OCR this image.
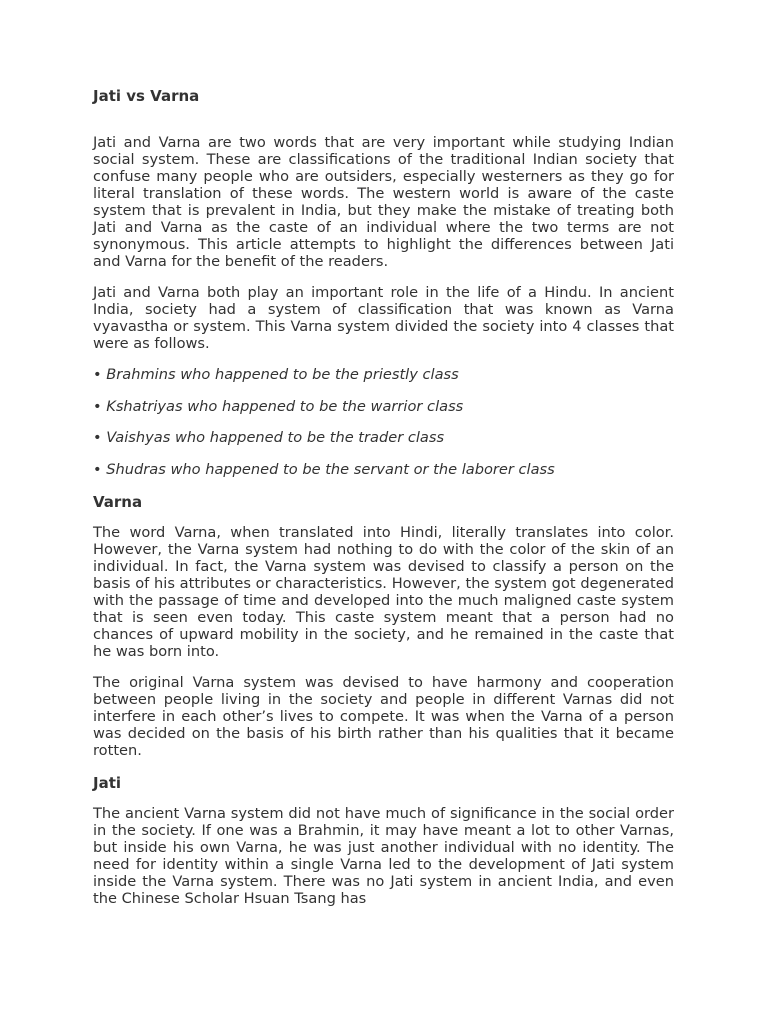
Jati vs Varna

Jati and Varna are two words that are very important while studying Indian social system. These are classifications of the traditional Indian society that confuse many people who are outsiders, especially westerners as they go for literal translation of these words. The western world is aware of the caste system that is prevalent in India, but they make the mistake of treating both Jati and Varna as the caste of an individual where the two terms are not synonymous. This article attempts to highlight the differences between Jati and Varna for the benefit of the readers.

Jati and Varna both play an important role in the life of a Hindu. In ancient India, society had a system of classification that was known as Varna vyavastha or system. This Varna system divided the society into 4 classes that were as follows.

• Brahmins who happened to be the priestly class
• Kshatriyas who happened to be the warrior class
• Vaishyas who happened to be the trader class
• Shudras who happened to be the servant or the laborer class
Varna

The word Varna, when translated into Hindi, literally translates into color. However, the Varna system had nothing to do with the color of the skin of an individual. In fact, the Varna system was devised to classify a person on the basis of his attributes or characteristics. However, the system got degenerated with the passage of time and developed into the much maligned caste system that is seen even today. This caste system meant that a person had no chances of upward mobility in the society, and he remained in the caste that he was born into.

The original Varna system was devised to have harmony and cooperation between people living in the society and people in different Varnas did not interfere in each other’s lives to compete. It was when the Varna of a person was decided on the basis of his birth rather than his qualities that it became rotten.

Jati

The ancient Varna system did not have much of significance in the social order in the society. If one was a Brahmin, it may have meant a lot to other Varnas, but inside his own Varna, he was just another individual with no identity. The need for identity within a single Varna led to the development of Jati system inside the Varna system. There was no Jati system in ancient India, and even the Chinese Scholar Hsuan Tsang has
